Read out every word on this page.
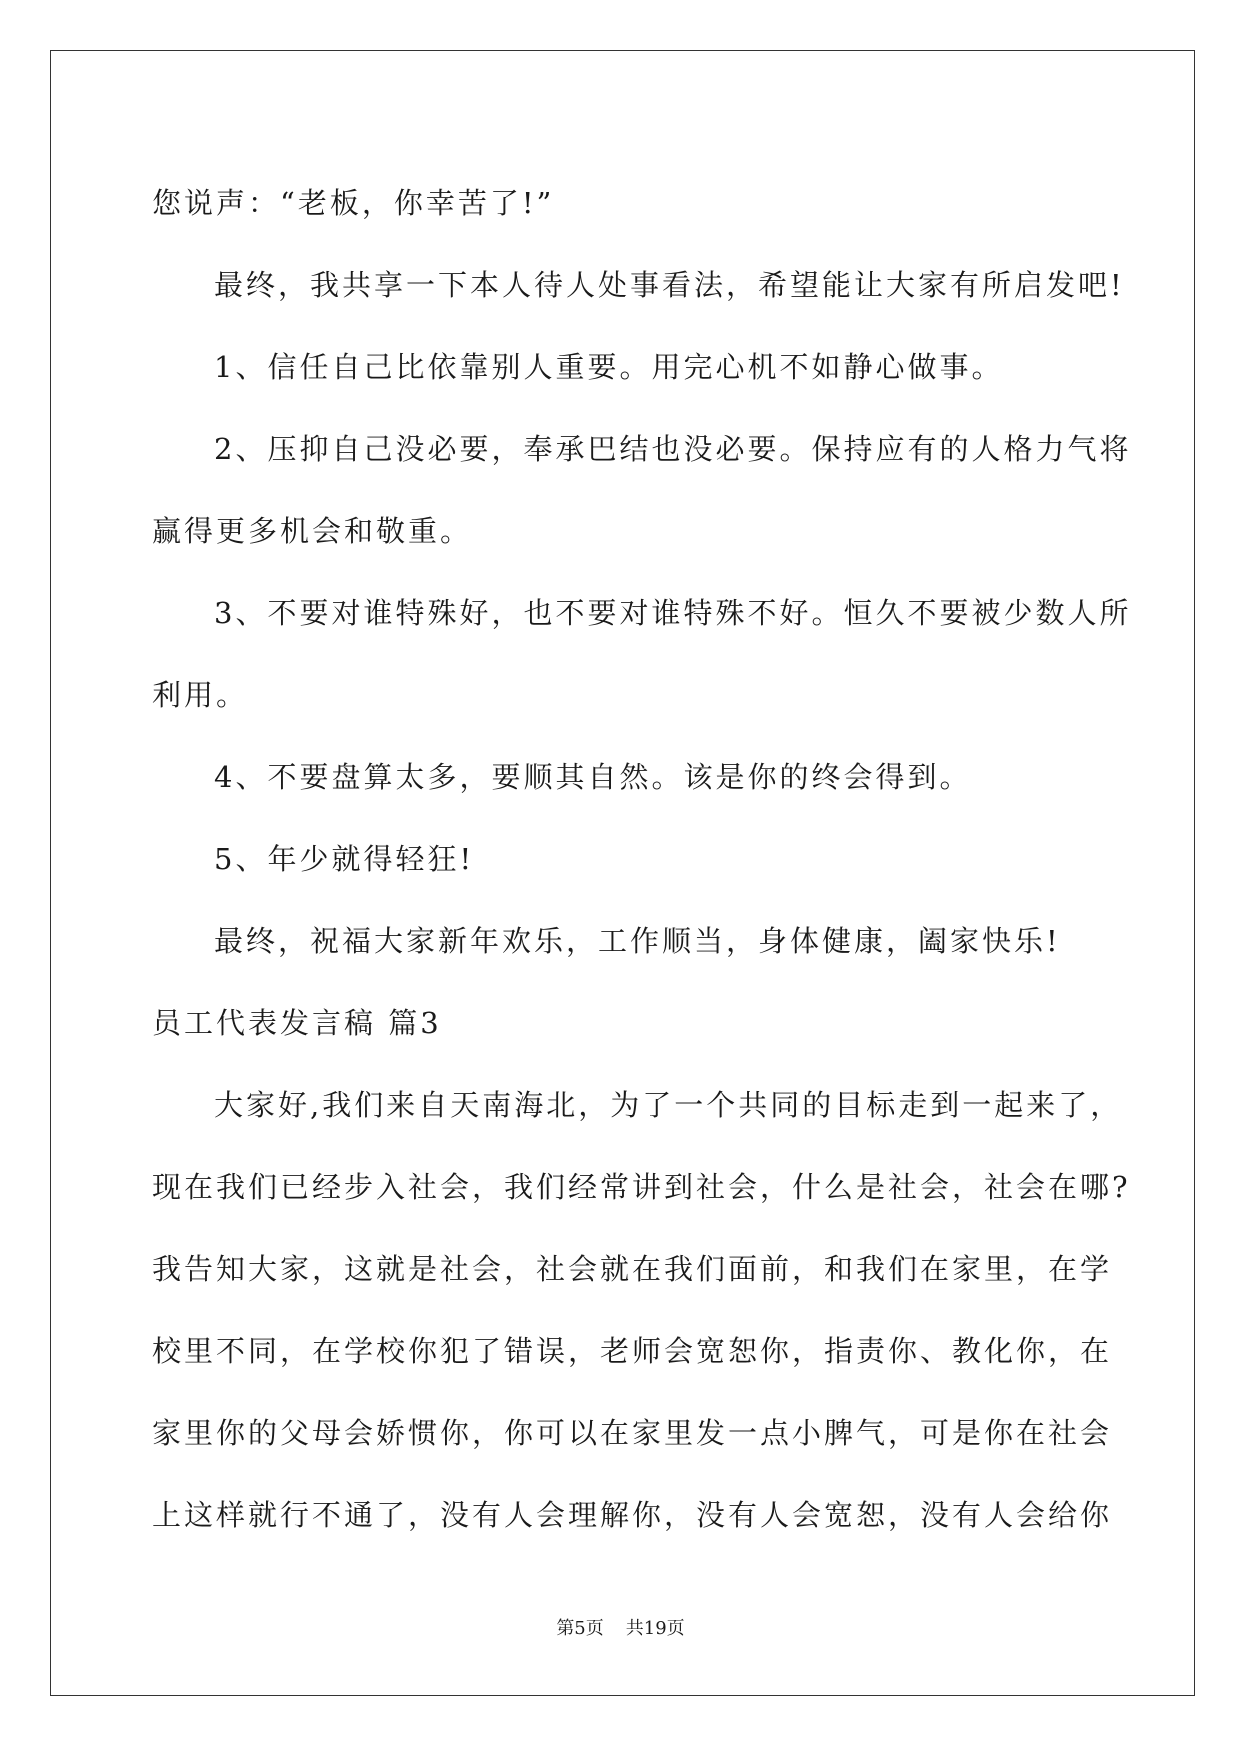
您说声：“老板，你幸苦了!”
最终，我共享一下本人待人处事看法，希望能让大家有所启发吧!
1、信任自己比依靠别人重要。用完心机不如静心做事。
2、压抑自己没必要，奉承巴结也没必要。保持应有的人格力气将
赢得更多机会和敬重。
3、不要对谁特殊好，也不要对谁特殊不好。恒久不要被少数人所
利用。
4、不要盘算太多，要顺其自然。该是你的终会得到。
5、年少就得轻狂!
最终，祝福大家新年欢乐，工作顺当，身体健康，阖家快乐!
员工代表发言稿 篇3
大家好,我们来自天南海北，为了一个共同的目标走到一起来了，
现在我们已经步入社会，我们经常讲到社会，什么是社会，社会在哪?
我告知大家，这就是社会，社会就在我们面前，和我们在家里，在学
校里不同，在学校你犯了错误，老师会宽恕你，指责你、教化你，在
家里你的父母会娇惯你，你可以在家里发一点小脾气，可是你在社会
上这样就行不通了，没有人会理解你，没有人会宽恕，没有人会给你
第5页 共19页
